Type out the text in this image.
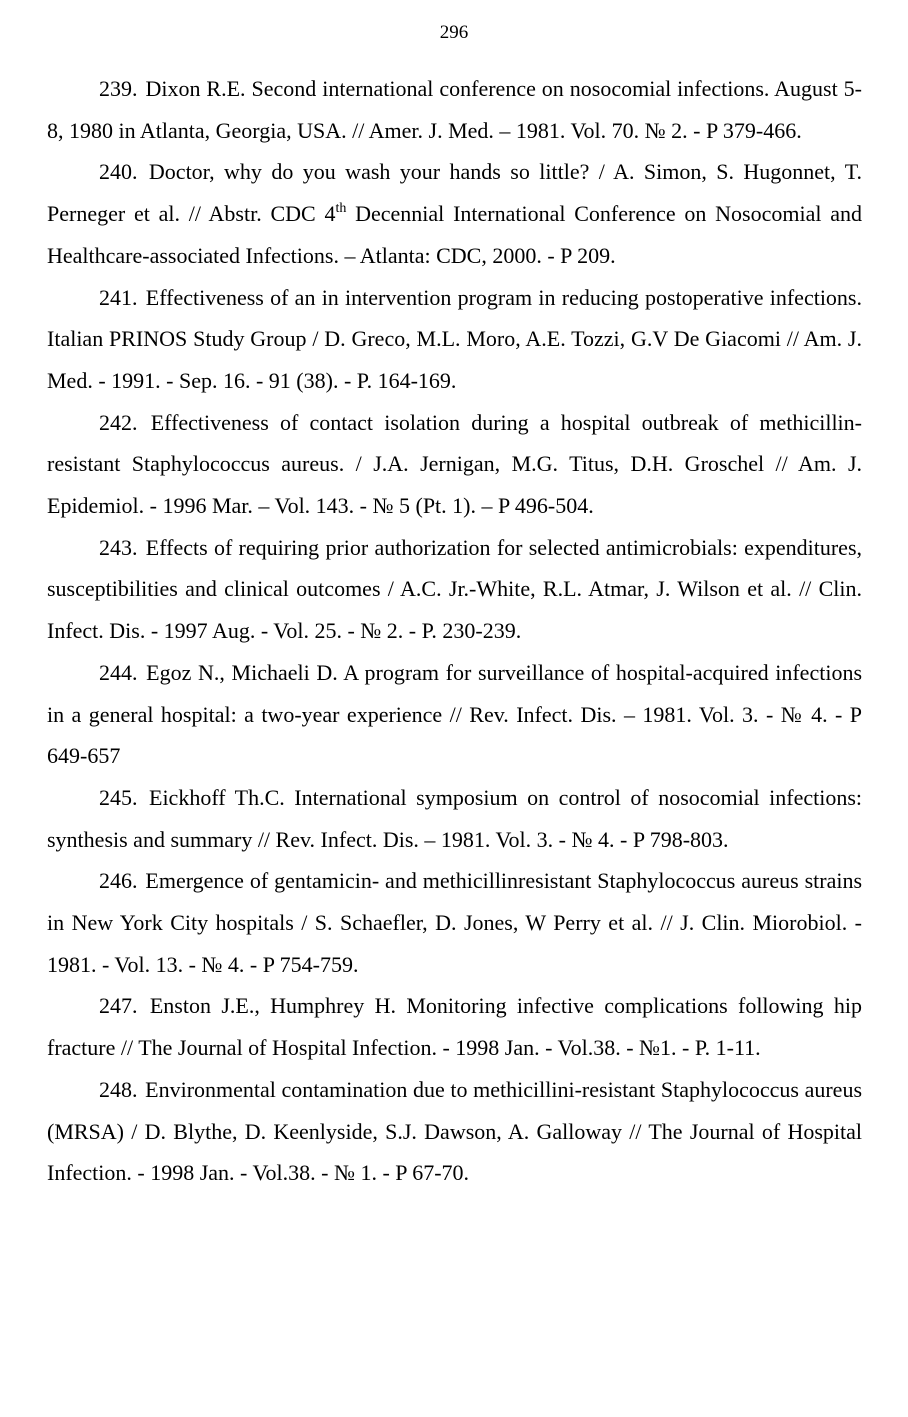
296

239. Dixon R.E. Second international conference on nosocomial infections. August 5-8, 1980 in Atlanta, Georgia, USA. // Amer. J. Med. – 1981. Vol. 70. № 2. - P 379-466.

240. Doctor, why do you wash your hands so little? / A. Simon, S. Hugonnet, T. Perneger et al. // Abstr. CDC 4th Decennial International Conference on Nosocomial and Healthcare-associated Infections. – Atlanta: CDC, 2000. - P 209.

241. Effectiveness of an in intervention program in reducing postoperative infections. Italian PRINOS Study Group / D. Greco, M.L. Moro, A.E. Tozzi, G.V De Giacomi // Am. J. Med. - 1991. - Sep. 16. - 91 (38). - P. 164-169.

242. Effectiveness of contact isolation during a hospital outbreak of methicillin-resistant Staphylococcus aureus. / J.A. Jernigan, M.G. Titus, D.H. Groschel // Am. J. Epidemiol. - 1996 Mar. – Vol. 143. - № 5 (Pt. 1). – P 496-504.

243. Effects of requiring prior authorization for selected antimicrobials: expenditures, susceptibilities and clinical outcomes / A.C. Jr.-White, R.L. Atmar, J. Wilson et al. // Clin. Infect. Dis. - 1997 Aug. - Vol. 25. - № 2. - P. 230-239.

244. Egoz N., Michaeli D. A program for surveillance of hospital-acquired infections in a general hospital: a two-year experience // Rev. Infect. Dis. – 1981. Vol. 3. - № 4. - P 649-657

245. Eickhoff Th.C. International symposium on control of nosocomial infections: synthesis and summary // Rev. Infect. Dis. – 1981. Vol. 3. - № 4. - P 798-803.

246. Emergence of gentamicin- and methicillinresistant Staphylococcus aureus strains in New York City hospitals / S. Schaefler, D. Jones, W Perry et al. // J. Clin. Miorobiol. - 1981. - Vol. 13. - № 4. - P 754-759.

247. Enston J.E., Humphrey H. Monitoring infective complications following hip fracture // The Journal of Hospital Infection. - 1998 Jan. - Vol.38. - №1. - P. 1-11.

248. Environmental contamination due to methicillini-resistant Staphylococcus aureus (MRSA) / D. Blythe, D. Keenlyside, S.J. Dawson, A. Galloway // The Journal of Hospital Infection. - 1998 Jan. - Vol.38. - № 1. - P 67-70.
